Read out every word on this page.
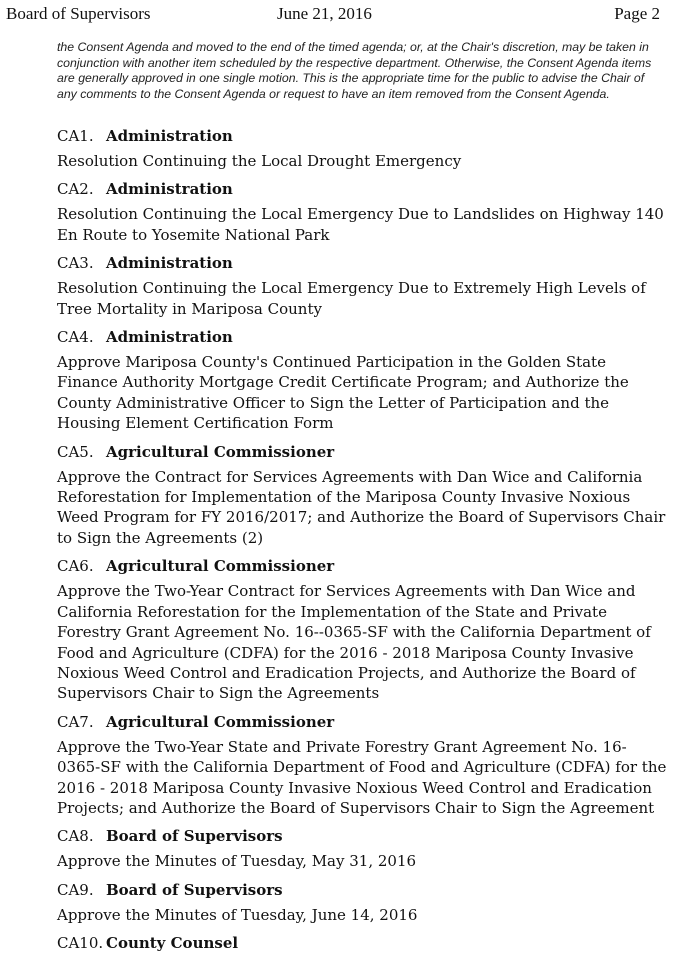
Board of Supervisors	June 21, 2016	Page 2
the Consent Agenda and moved to the end of the timed agenda; or, at the Chair's discretion, may be taken in conjunction with another item scheduled by the respective department. Otherwise, the Consent Agenda items are generally approved in one single motion. This is the appropriate time for the public to advise the Chair of any comments to the Consent Agenda or request to have an item removed from the Consent Agenda.
CA1. Administration
Resolution Continuing the Local Drought Emergency
CA2. Administration
Resolution Continuing the Local Emergency Due to Landslides on Highway 140 En Route to Yosemite National Park
CA3. Administration
Resolution Continuing the Local Emergency Due to Extremely High Levels of Tree Mortality in Mariposa County
CA4. Administration
Approve Mariposa County's Continued Participation in the Golden State Finance Authority Mortgage Credit Certificate Program; and Authorize the County Administrative Officer to Sign the Letter of Participation and the Housing Element Certification Form
CA5. Agricultural Commissioner
Approve the Contract for Services Agreements with Dan Wice and California Reforestation for Implementation of the Mariposa County Invasive Noxious Weed Program for FY 2016/2017; and Authorize the Board of Supervisors Chair to Sign the Agreements (2)
CA6. Agricultural Commissioner
Approve the Two-Year Contract for Services Agreements with Dan Wice and California Reforestation for the Implementation of the State and Private Forestry Grant Agreement No. 16--0365-SF with the California Department of Food and Agriculture (CDFA) for the 2016 - 2018 Mariposa County Invasive Noxious Weed Control and Eradication Projects, and Authorize the Board of Supervisors Chair to Sign the Agreements
CA7. Agricultural Commissioner
Approve the Two-Year State and Private Forestry Grant Agreement No. 16-0365-SF with the California Department of Food and Agriculture (CDFA) for the 2016 - 2018 Mariposa County Invasive Noxious Weed Control and Eradication Projects; and Authorize the Board of Supervisors Chair to Sign the Agreement
CA8. Board of Supervisors
Approve the Minutes of Tuesday, May 31, 2016
CA9. Board of Supervisors
Approve the Minutes of Tuesday, June 14, 2016
CA10. County Counsel
